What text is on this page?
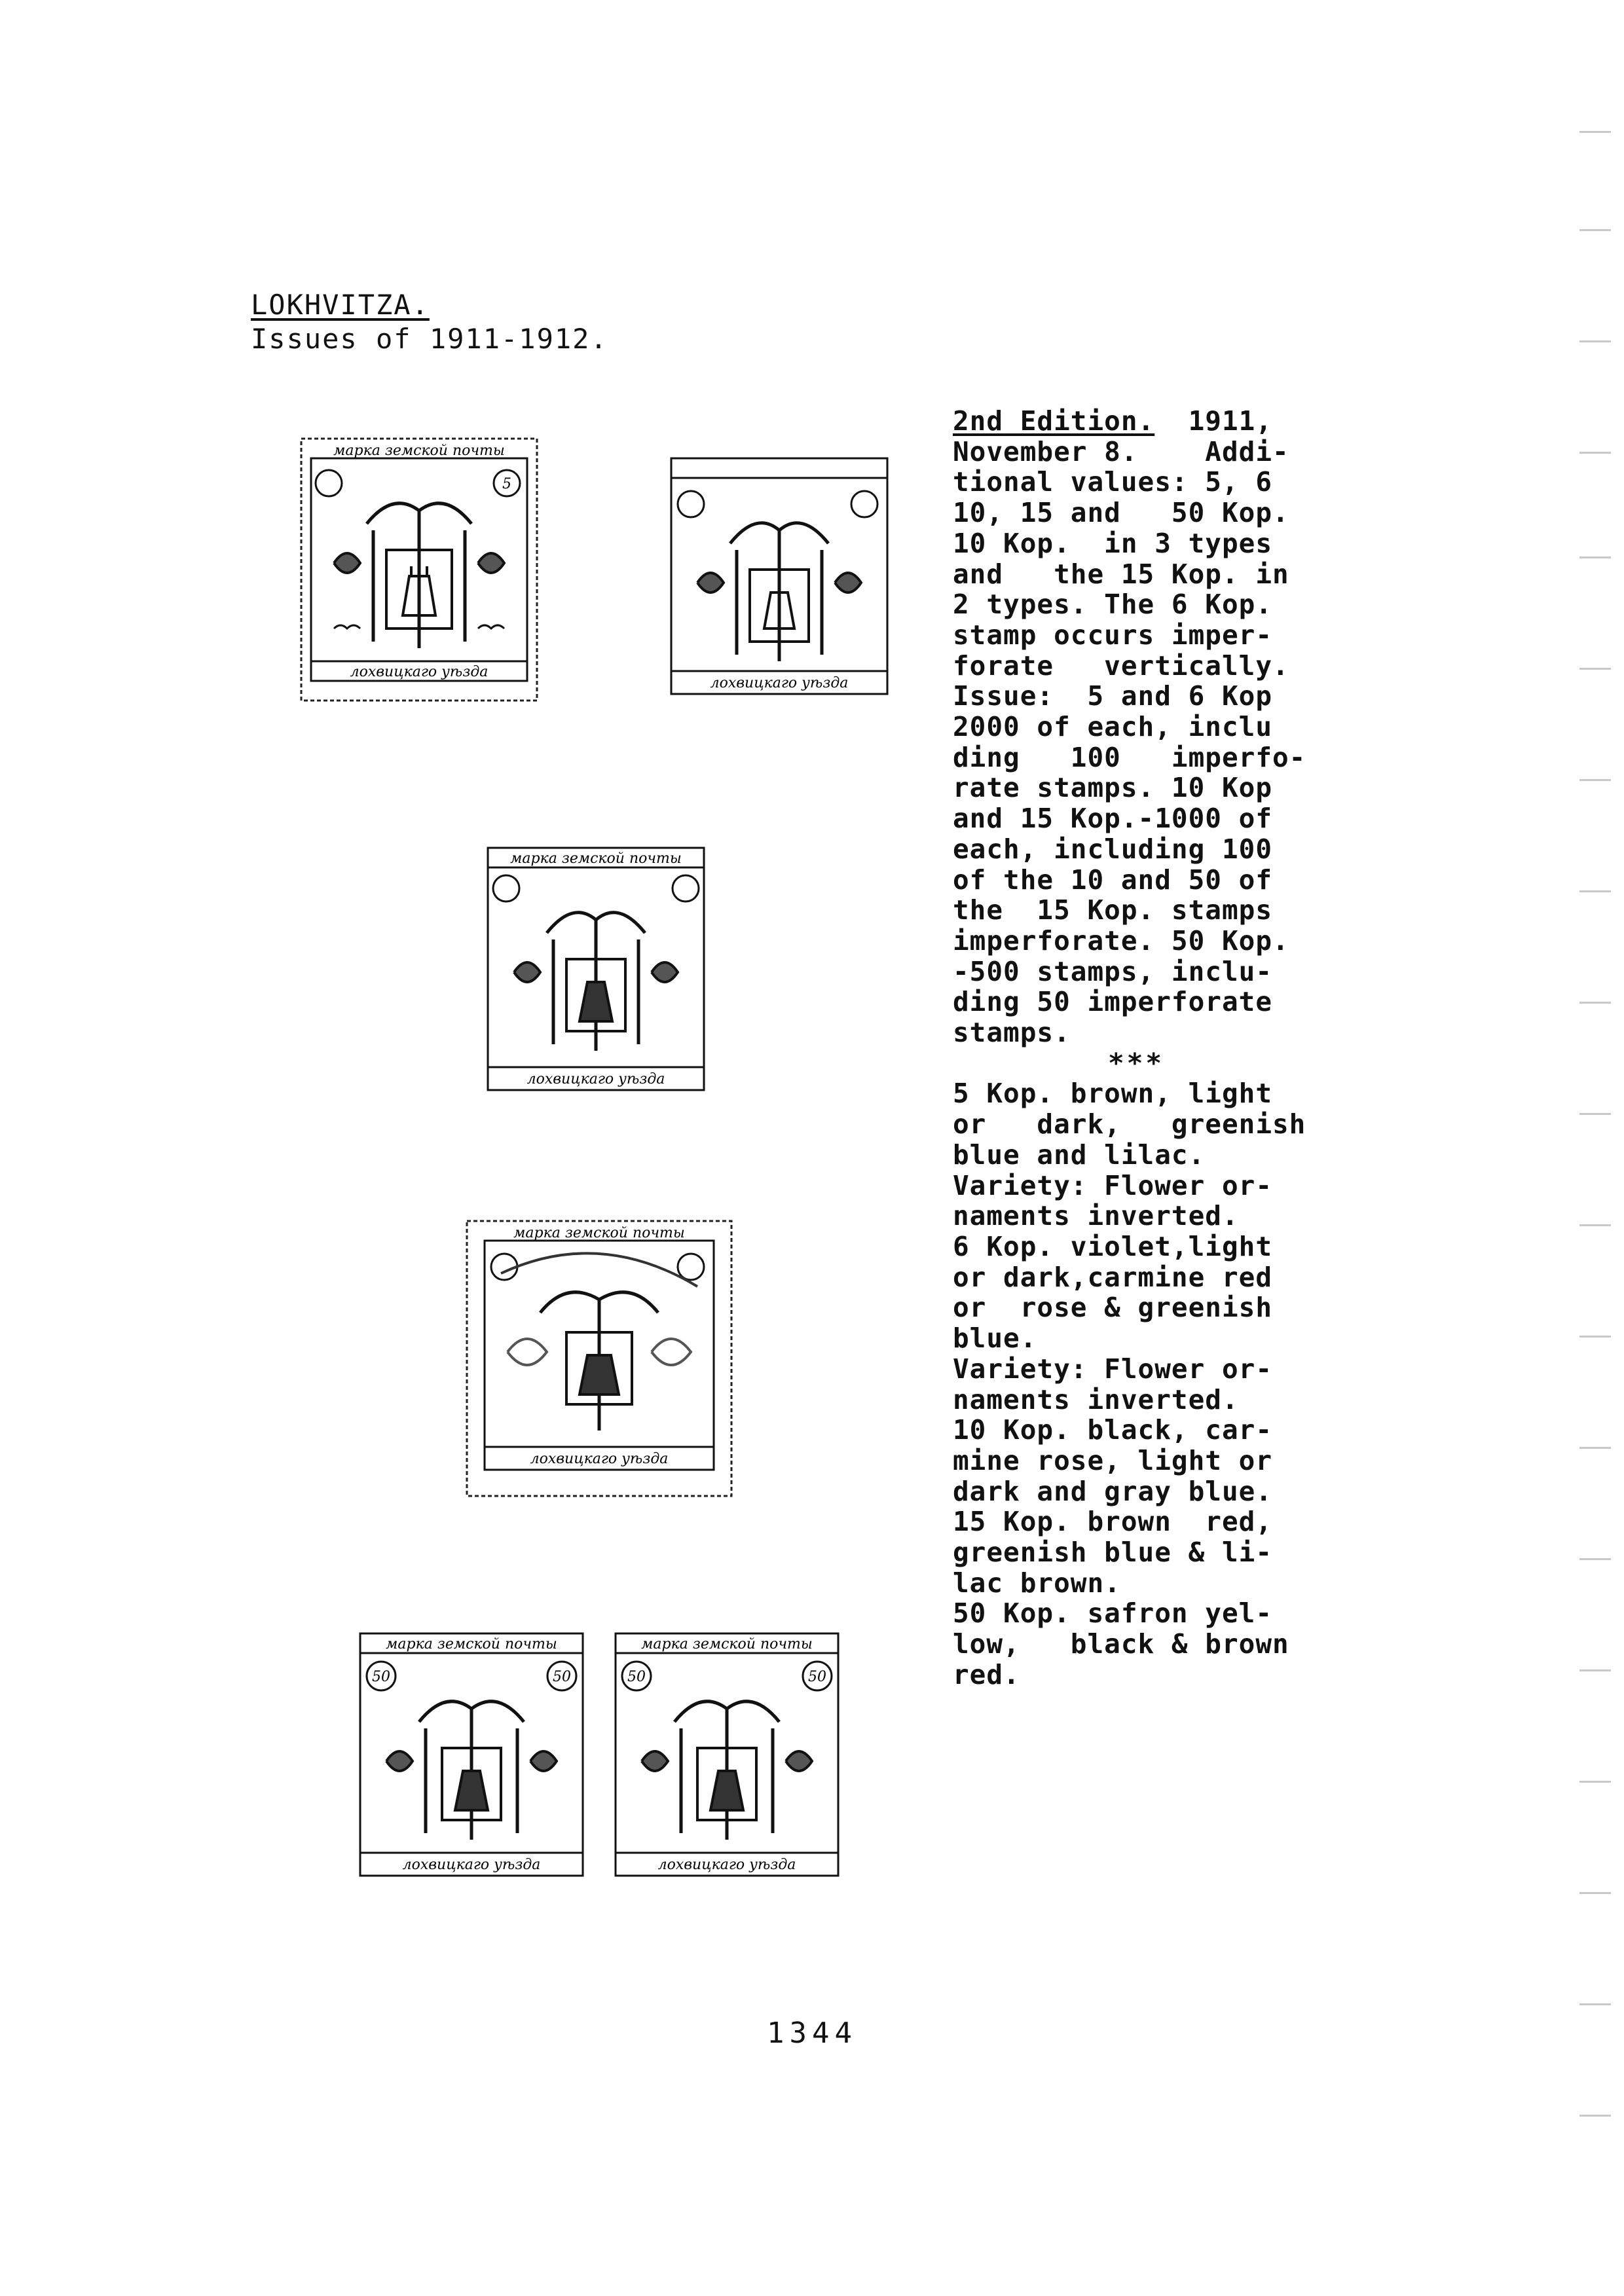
LOKHVITZA.
Issues of 1911-1912.
марка земской почты
5
лохвицкаго уѣзда
лохвицкаго уѣзда
марка земской почты
лохвицкаго уѣзда
марка земской почты
лохвицкаго уѣзда
марка земской почты
50	50
лохвицкаго уѣзда
марка земской почты
50	50
лохвицкаго уѣзда
2nd Edition.  1911,
November 8.    Addi-
tional values: 5, 6
10, 15 and   50 Kop.
10 Kop.  in 3 types
and   the 15 Kop. in
2 types. The 6 Kop.
stamp occurs imper-
forate   vertically.
Issue:  5 and 6 Kop
2000 of each, inclu
ding   100   imperfo-
rate stamps. 10 Kop
and 15 Kop.-1000 of
each, including 100
of the 10 and 50 of
the  15 Kop. stamps
imperforate. 50 Kop.
-500 stamps, inclu-
ding 50 imperforate
stamps.

***
5 Kop. brown, light
or   dark,   greenish
blue and lilac.
Variety: Flower or-
naments inverted.
6 Kop. violet,light
or dark,carmine red
or  rose & greenish
blue.
Variety: Flower or-
naments inverted.
10 Kop. black, car-
mine rose, light or
dark and gray blue.
15 Kop. brown  red,
greenish blue & li-
lac brown.
50 Kop. safron yel-
low,   black & brown
red.
1344
